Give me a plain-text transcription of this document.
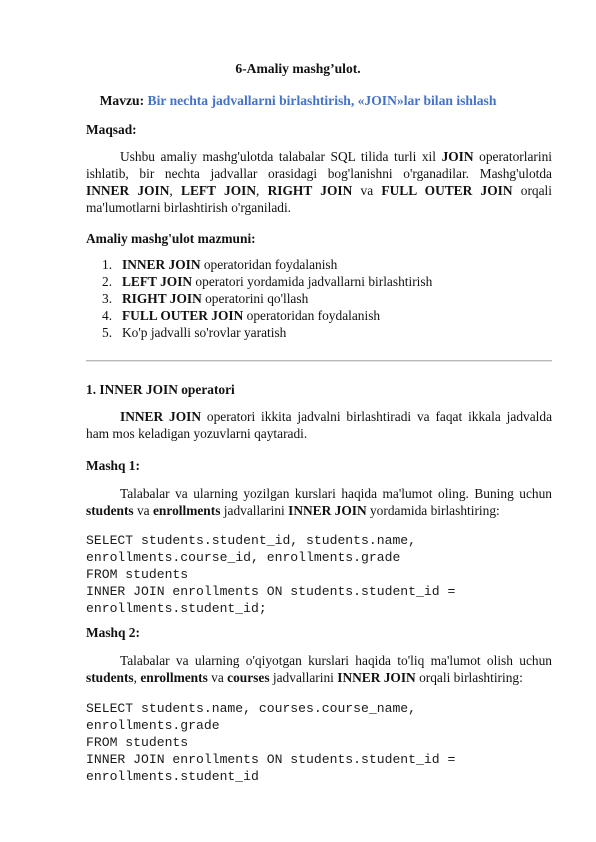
6-Amaliy mashg’ulot.
Mavzu: Bir nechta jadvallarni birlashtirish, «JOIN»lar bilan ishlash
Maqsad:
Ushbu amaliy mashg'ulotda talabalar SQL tilida turli xil JOIN operatorlarini
ishlatib, bir nechta jadvallar orasidagi bog'lanishni o'rganadilar. Mashg'ulotda
INNER JOIN, LEFT JOIN, RIGHT JOIN va FULL OUTER JOIN orqali
ma'lumotlarni birlashtirish o'rganiladi.
Amaliy mashg'ulot mazmuni:
1. INNER JOIN operatoridan foydalanish
2. LEFT JOIN operatori yordamida jadvallarni birlashtirish
3. RIGHT JOIN operatorini qo'llash
4. FULL OUTER JOIN operatoridan foydalanish
5. Ko'p jadvalli so'rovlar yaratish
1. INNER JOIN operatori
INNER JOIN operatori ikkita jadvalni birlashtiradi va faqat ikkala jadvalda
ham mos keladigan yozuvlarni qaytaradi.
Mashq 1:
Talabalar va ularning yozilgan kurslari haqida ma'lumot oling. Buning uchun
students va enrollments jadvallarini INNER JOIN yordamida birlashtiring:
SELECT students.student_id, students.name,
enrollments.course_id, enrollments.grade
FROM students
INNER JOIN enrollments ON students.student_id =
enrollments.student_id;
Mashq 2:
Talabalar va ularning o'qiyotgan kurslari haqida to'liq ma'lumot olish uchun
students, enrollments va courses jadvallarini INNER JOIN orqali birlashtiring:
SELECT students.name, courses.course_name,
enrollments.grade
FROM students
INNER JOIN enrollments ON students.student_id =
enrollments.student_id
